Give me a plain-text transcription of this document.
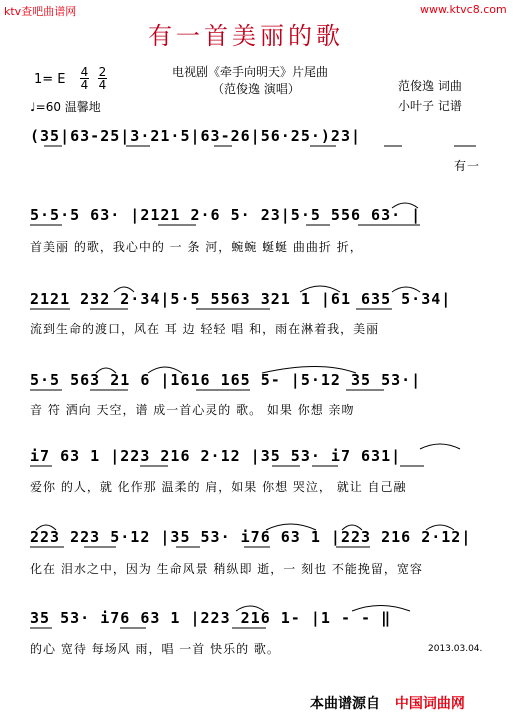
ktv查吧曲谱网	www.ktvc8.com
有一首美丽的歌
电视剧《牵手向明天》片尾曲
（范俊逸 演唱）
1= E 4
4
2
4
♩=60 温馨地
范俊逸 词曲
小叶子 记谱
(35|63-25|3·21·5|63-26|56·25·)23|
有一
5·5·5 63· |2121 2·6 5· 23|5·5 556 63· |
首美丽 的歌，我心中的 一 条 河，蜿蜿 蜒蜒 曲曲折 折，
2121 232 2·34|5·5 5563 321 1 |61 635 5·34|
流到生命的渡口，风在 耳 边 轻轻 唱 和，雨在淋着我，美丽
5·5 563 21 6 |1616 165 5- |5·12 35 53·|
音 符 洒向 天空，谱 成一首心灵的 歌。 如果 你想 亲吻
i7 63 1 |223 216 2·12 |35 53· i7 631|
爱你 的人，就 化作那 温柔的 肩，如果 你想 哭泣， 就让 自己融
223 223 5·12 |35 53· i76 63 1 |223 216 2·12|
化在 泪水之中，因为 生命风景 稍纵即 逝，一 刻也 不能挽留，宽容
35 53· i76 63 1 |223 216 1- |1 - - ‖
的心 宽待 每场风 雨，唱 一首 快乐的 歌。	2013.03.04.
本曲谱源自 中国词曲网
